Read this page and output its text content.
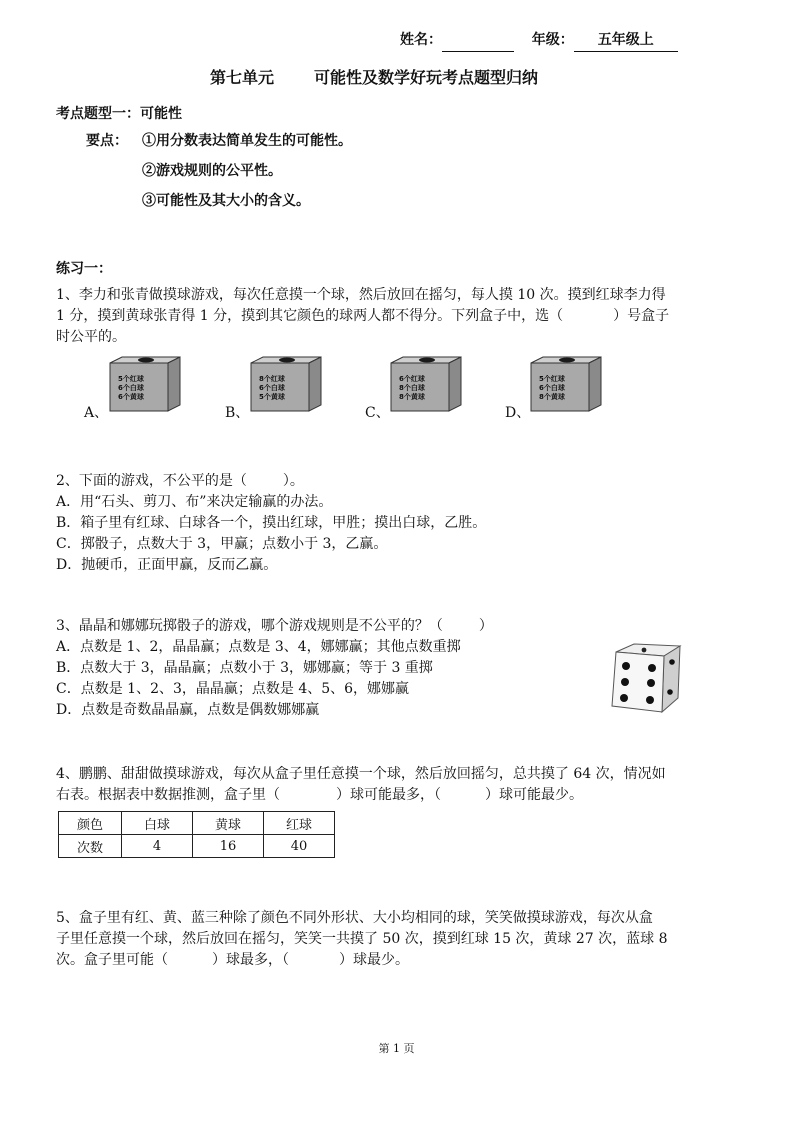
姓名：	年级： 五年级上
第七单元	可能性及数学好玩考点题型归纳
考点题型一：可能性
要点： ①用分数表达简单发生的可能性。
②游戏规则的公平性。
③可能性及其大小的含义。
练习一：
1、李力和张青做摸球游戏，每次任意摸一个球，然后放回在摇匀，每人摸 10 次。摸到红球李力得
1 分，摸到黄球张青得 1 分，摸到其它颜色的球两人都不得分。下列盒子中，选（	）号盒子
时公平的。
A、
5个红球
6个白球
6个黄球
B、
8个红球
6个白球
5个黄球
C、
6个红球
8个白球
8个黄球
D、
5个红球
6个白球
8个黄球
2、下面的游戏，不公平的是（	）。
A．用“石头、剪刀、布”来决定输赢的办法。
B．箱子里有红球、白球各一个，摸出红球，甲胜；摸出白球，乙胜。
C．掷骰子，点数大于 3，甲赢；点数小于 3，乙赢。
D．抛硬币，正面甲赢，反而乙赢。
3、晶晶和娜娜玩掷骰子的游戏，哪个游戏规则是不公平的？（	）
A．点数是 1、2，晶晶赢；点数是 3、4，娜娜赢；其他点数重掷
B．点数大于 3，晶晶赢；点数小于 3，娜娜赢；等于 3 重掷
C．点数是 1、2、3，晶晶赢；点数是 4、5、6，娜娜赢
D．点数是奇数晶晶赢，点数是偶数娜娜赢
4、鹏鹏、甜甜做摸球游戏，每次从盒子里任意摸一个球，然后放回摇匀，总共摸了 64 次，情况如
右表。根据表中数据推测，盒子里（	）球可能最多，（	）球可能最少。
颜色	白球	黄球	红球
次数	4	16	40
5、盒子里有红、黄、蓝三种除了颜色不同外形状、大小均相同的球，笑笑做摸球游戏，每次从盒
子里任意摸一个球，然后放回在摇匀，笑笑一共摸了 50 次，摸到红球 15 次，黄球 27 次，蓝球 8
次。盒子里可能（	）球最多，（	）球最少。
第 1 页
